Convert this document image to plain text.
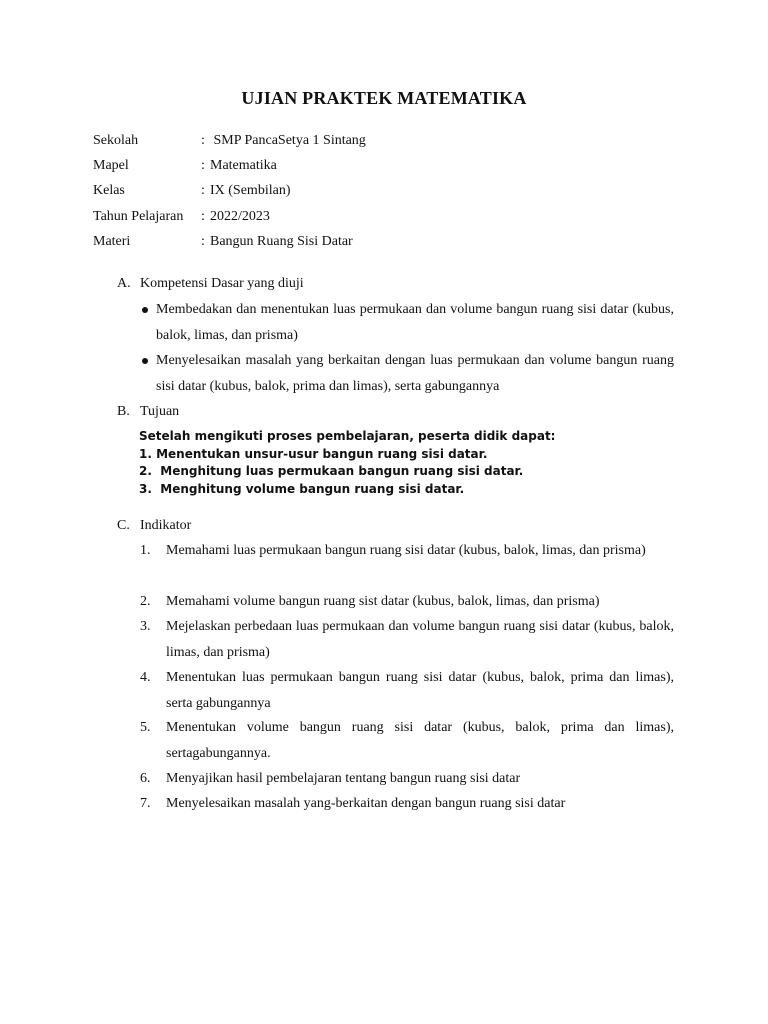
UJIAN PRAKTEK MATEMATIKA
Sekolah	: SMP PancaSetya 1 Sintang
Mapel	: Matematika
Kelas	: IX (Sembilan)
Tahun Pelajaran : 2022/2023
Materi	: Bangun Ruang Sisi Datar
A. Kompetensi Dasar yang diuji
Membedakan dan menentukan luas permukaan dan volume bangun ruang sisi datar (kubus, balok, limas, dan prisma)
Menyelesaikan masalah yang berkaitan dengan luas permukaan dan volume bangun ruang sisi datar (kubus, balok, prima dan limas), serta gabungannya
B. Tujuan
Setelah mengikuti proses pembelajaran, peserta didik dapat:
1. Menentukan unsur-usur bangun ruang sisi datar.
2.  Menghitung luas permukaan bangun ruang sisi datar.
3.  Menghitung volume bangun ruang sisi datar.
C. Indikator
1. Memahami luas permukaan bangun ruang sisi datar (kubus, balok, limas, dan prisma)
2. Memahami volume bangun ruang sist datar (kubus, balok, limas, dan prisma)
3. Mejelaskan perbedaan luas permukaan dan volume bangun ruang sisi datar (kubus, balok, limas, dan prisma)
4. Menentukan luas permukaan bangun ruang sisi datar (kubus, balok, prima dan limas), serta gabungannya
5. Menentukan volume bangun ruang sisi datar (kubus, balok, prima dan limas), sertagabungannya.
6. Menyajikan hasil pembelajaran tentang bangun ruang sisi datar
7. Menyelesaikan masalah yang-berkaitan dengan bangun ruang sisi datar
